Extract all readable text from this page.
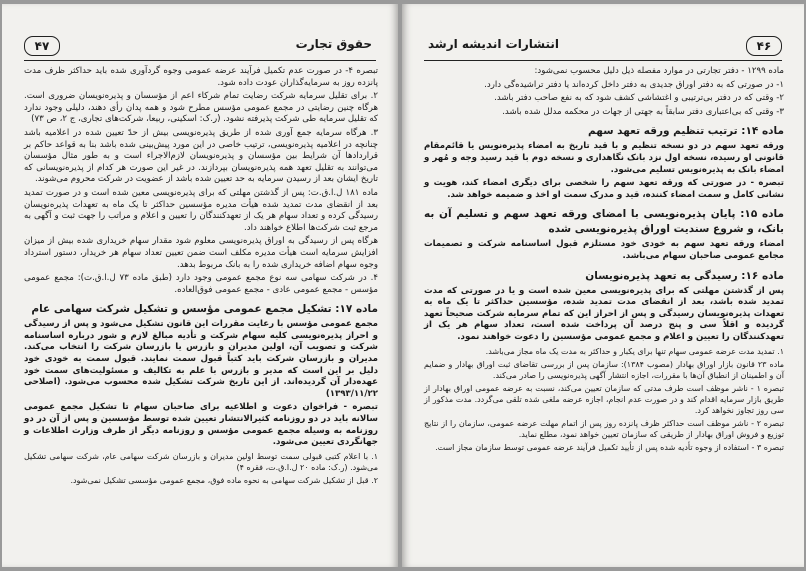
۴۷	حقوق تجارت

تبصره ۴- در صورت عدم تکمیل فرآیند عرضه عمومی وجوه گردآوری شده باید حداکثر ظرف مدت پانزده روز به سرمایه‌گذاران عودت داده شود.

۲. برای تقلیل سرمایه شرکت رضایت تمام شرکاء اعم از مؤسسان و پذیره‌نویسان ضروری است. هرگاه چنین رضایتی در مجمع عمومی مؤسس مطرح شود و همه پدان رأی دهند، دلیلی وجود ندارد که تقلیل سرمایه طی شرکت پذیرفته نشود. (ر.ک: اسکینی، ربیعا، شرکت‌های تجاری، ج ۲، ص ۷۳)

۳. هرگاه سرمایه جمع آوری شده از طریق پذیره‌نویسی بیش از حدّ تعیین شده در اعلامیه باشد چنانچه در اعلامیه پذیره‌نویسی، ترتیب خاصی در این مورد پیش‌بینی شده باشد بنا به قواعد حاکم بر قراردادها آن شرایط بین مؤسسان و پذیره‌نویسان لازم‌الاجراء است و به طور مثال مؤسسان می‌توانند به تقلیل تعهد همه پذیره‌نویسان بپردازند. در غیر این صورت هر کدام از پذیره‌نویسانی که تاریخ ایشان بعد از رسیدن سرمایه به حد تعیین شده باشد از عضویت در شرکت محروم می‌شوند.

ماده ۱۸۱ ل.ا.ق.ت: پس از گذشتن مهلتی که برای پذیره‌نویسی معین شده است و در صورت تمدید بعد از انقضای مدت تمدید شده هیأت مدیره مؤسسین حداکثر تا یک ماه به تعهدات پذیره‌نویسان رسیدگی کرده و تعداد سهام هر یک از تعهدکنندگان را تعیین و اعلام و مراتب را جهت ثبت و آگهی به مرجع ثبت شرکت‌ها اطلاع خواهند داد.

هرگاه پس از رسیدگی به اوراق پذیره‌نویسی معلوم شود مقدار سهام خریداری شده بیش از میزان افزایش سرمایه است هیأت مدیره مکلف است ضمن تعیین تعداد سهام هر خریدار، دستور استرداد وجوه سهام اضافه خریداری شده را به بانک مربوط بدهد.

۴. در شرکت سهامی سه نوع مجمع عمومی وجود دارد (طبق ماده ۷۳ ل.ا.ق.ت): مجمع عمومی مؤسس - مجمع عمومی عادی - مجمع عمومی فوق‌العاده.

ماده ۱۷: تشکیل مجمع عمومی مؤسس و تشکیل شرکت سهامی عام

مجمع عمومی مؤسس با رعایت مقررات این قانون تشکیل می‌شود و پس از رسیدگی و احراز پذیره‌نویسی کلیه سهام شرکت و تأدیه مبالغ لازم و شور درباره اساسنامه شرکت و تصویب آن، اولین مدیران و بازرس یا بازرسان شرکت را انتخاب می‌کند. مدیران و بازرسان شرکت باید کتباً قبول سمت نمایند. قبول سمت به خودی خود دلیل بر این است که مدیر و بازرس با علم به تکالیف و مسئولیت‌های سمت خود عهده‌دار آن گردیده‌اند. از این تاریخ شرکت تشکیل شده محسوب می‌شود. (اصلاحی ۱۳۹۳/۱۱/۲۲)

تبصره - فراخوان دعوت و اطلاعیه برای صاحبان سهام تا تشکیل مجمع عمومی سالانه باید در دو روزنامه کثیرالانتشار تعیین شده توسط مؤسسین و پس از آن در دو روزنامه به وسیله مجمع عمومی مؤسس و روزنامه دیگر از طرف وزارت اطلاعات و جهانگردی تعیین می‌شود.

۱. با اعلام کتبی قبولی سمت توسط اولین مدیران و بازرسان شرکت سهامی عام، شرکت سهامی تشکیل می‌شود. (ر.ک: ماده ۲۰ ل.ا.ق.ت، فقره ۴)

۲. قبل از تشکیل شرکت سهامی به نحوه ماده فوق، مجمع عمومی مؤسسی تشکیل نمی‌شود.

۴۶
انتشارات اندیشه ارشد

ماده ۱۲۹۹ - دفتر تجارتی در موارد مفصله ذیل دلیل محسوب نمی‌شود:

۱- در صورتی که به دفتر اوراق جدیدی به دفتر داخل کرده‌اند یا دفتر تراشیده‌گی دارد.

۲- وقتی که در دفتر بی‌ترتیبی و اغتشاشی کشف شود که به نفع صاحب دفتر باشد.

۳- وقتی که بی‌اعتباری دفتر سابقاً به جهتی از جهات در محکمه مدلل شده باشد.

ماده ۱۴: ترتیب تنظیم ورقه تعهد سهم

ورقه تعهد سهم در دو نسخه تنظیم و با قید تاریخ به امضاء پذیره‌نویس یا قائم‌مقام قانونی او رسیده، نسخه اول نزد بانک نگاهداری و نسخه دوم با قید رسید وجه و مُهر و امضاء بانک به پذیره‌نویس تسلیم می‌شود.

تبصره - در صورتی که ورقه تعهد سهم را شخصی برای دیگری امضاء کند، هویت و نشانی کامل و سمت امضاء کننده، قید و مدرک سمت او اخذ و ضمیمه خواهد شد.

ماده ۱۵: پایان پذیره‌نویسی با امضای ورقه تعهد سهم و تسلیم آن به بانک، و شروع سندیت اوراق پذیره‌نویسی شده

امضاء ورقه تعهد سهم به خودی خود مستلزم قبول اساسنامه شرکت و تصمیمات مجامع عمومی صاحبان سهام می‌باشد.

ماده ۱۶: رسیدگی به تعهد پذیره‌نویسان

پس از گذشتن مهلتی که برای پذیره‌نویسی معین شده است و یا در صورتی که مدت تمدید شده باشد، بعد از انقضای مدت تمدید شده، مؤسسین حداکثر تا یک ماه به تعهدات پذیره‌نویسان رسیدگی و پس از احراز این که تمام سرمایه شرکت صحیحاً تعهد گردیده و اقلاً سی و پنج درصد آن پرداخت شده است، تعداد سهام هر یک از تعهدکنندگان را تعیین و اعلام و مجمع عمومی مؤسسین را دعوت خواهند نمود.

۱. تمدید مدت عرضه عمومی سهام تنها برای یکبار و حداکثر به مدت یک ماه مجاز می‌باشد.

ماده ۲۳ قانون بازار اوراق بهادار (مصوب ۱۳۸۴): سازمان پس از بررسی تقاضای ثبت اوراق بهادار و ضمایم آن و اطمینان از انطباق آن‌ها با مقررات، اجازه انتشار آگهی پذیره‌نویسی را صادر می‌کند.

تبصره ۱ - ناشر موظف است طرف مدتی که سازمان تعیین می‌کند، نسبت به عرضه عمومی اوراق بهادار از طریق بازار سرمایه اقدام کند و در صورت عدم انجام، اجازه عرضه ملغی شده تلقی می‌گردد. مدت مذکور از سی روز تجاوز نخواهد کرد.

تبصره ۲ - ناشر موظف است حداکثر ظرف پانزده روز پس از اتمام مهلت عرضه عمومی، سازمان را از نتایج توزیع و فروش اوراق بهادار از طریقی که سازمان تعیین خواهد نمود، مطلع نماید.

تبصره ۳ - استفاده از وجوه تأدیه شده پس از تأیید تکمیل فرآیند عرضه عمومی توسط سازمان مجاز است.
